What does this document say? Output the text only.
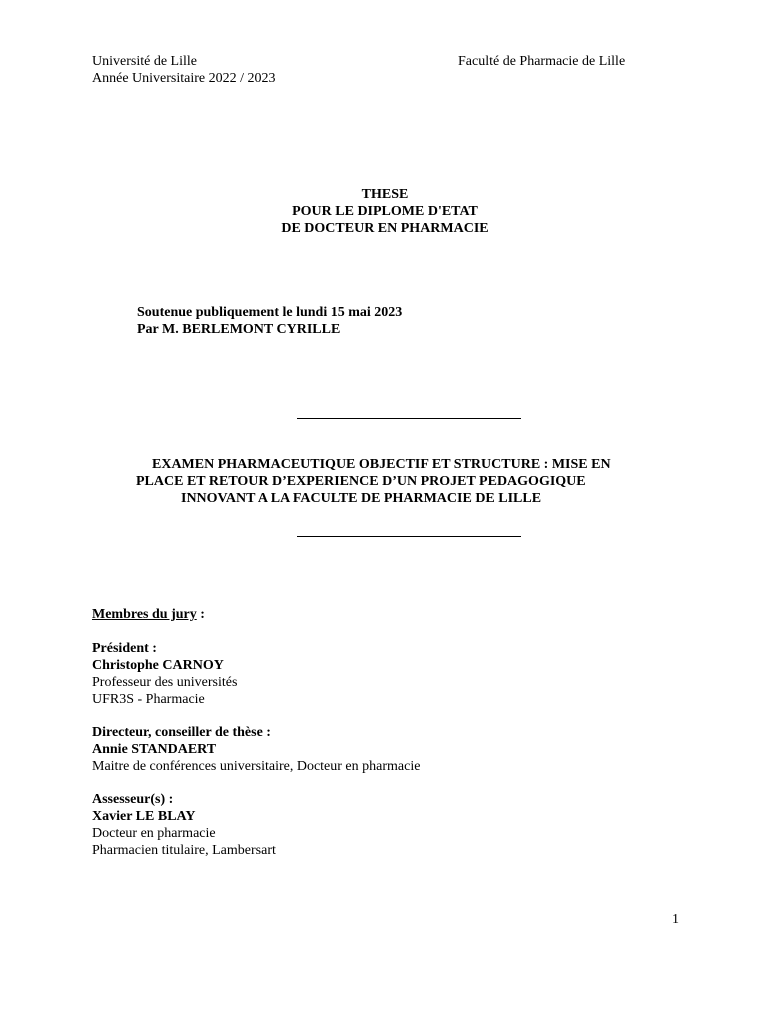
Université de Lille
Année Universitaire 2022 / 2023
Faculté de Pharmacie de Lille
THESE
POUR LE DIPLOME D'ETAT
DE DOCTEUR EN PHARMACIE
Soutenue publiquement le lundi 15 mai 2023
Par M. BERLEMONT CYRILLE

EXAMEN PHARMACEUTIQUE OBJECTIF ET STRUCTURE : MISE EN

PLACE ET RETOUR D’EXPERIENCE D’UN PROJET PEDAGOGIQUE

INNOVANT A LA FACULTE DE PHARMACIE DE LILLE

Membres du jury :
Président :
Christophe CARNOY
Professeur des universités
UFR3S - Pharmacie
Directeur, conseiller de thèse :
Annie STANDAERT
Maitre de conférences universitaire, Docteur en pharmacie
Assesseur(s) :
Xavier LE BLAY
Docteur en pharmacie
Pharmacien titulaire, Lambersart
1
